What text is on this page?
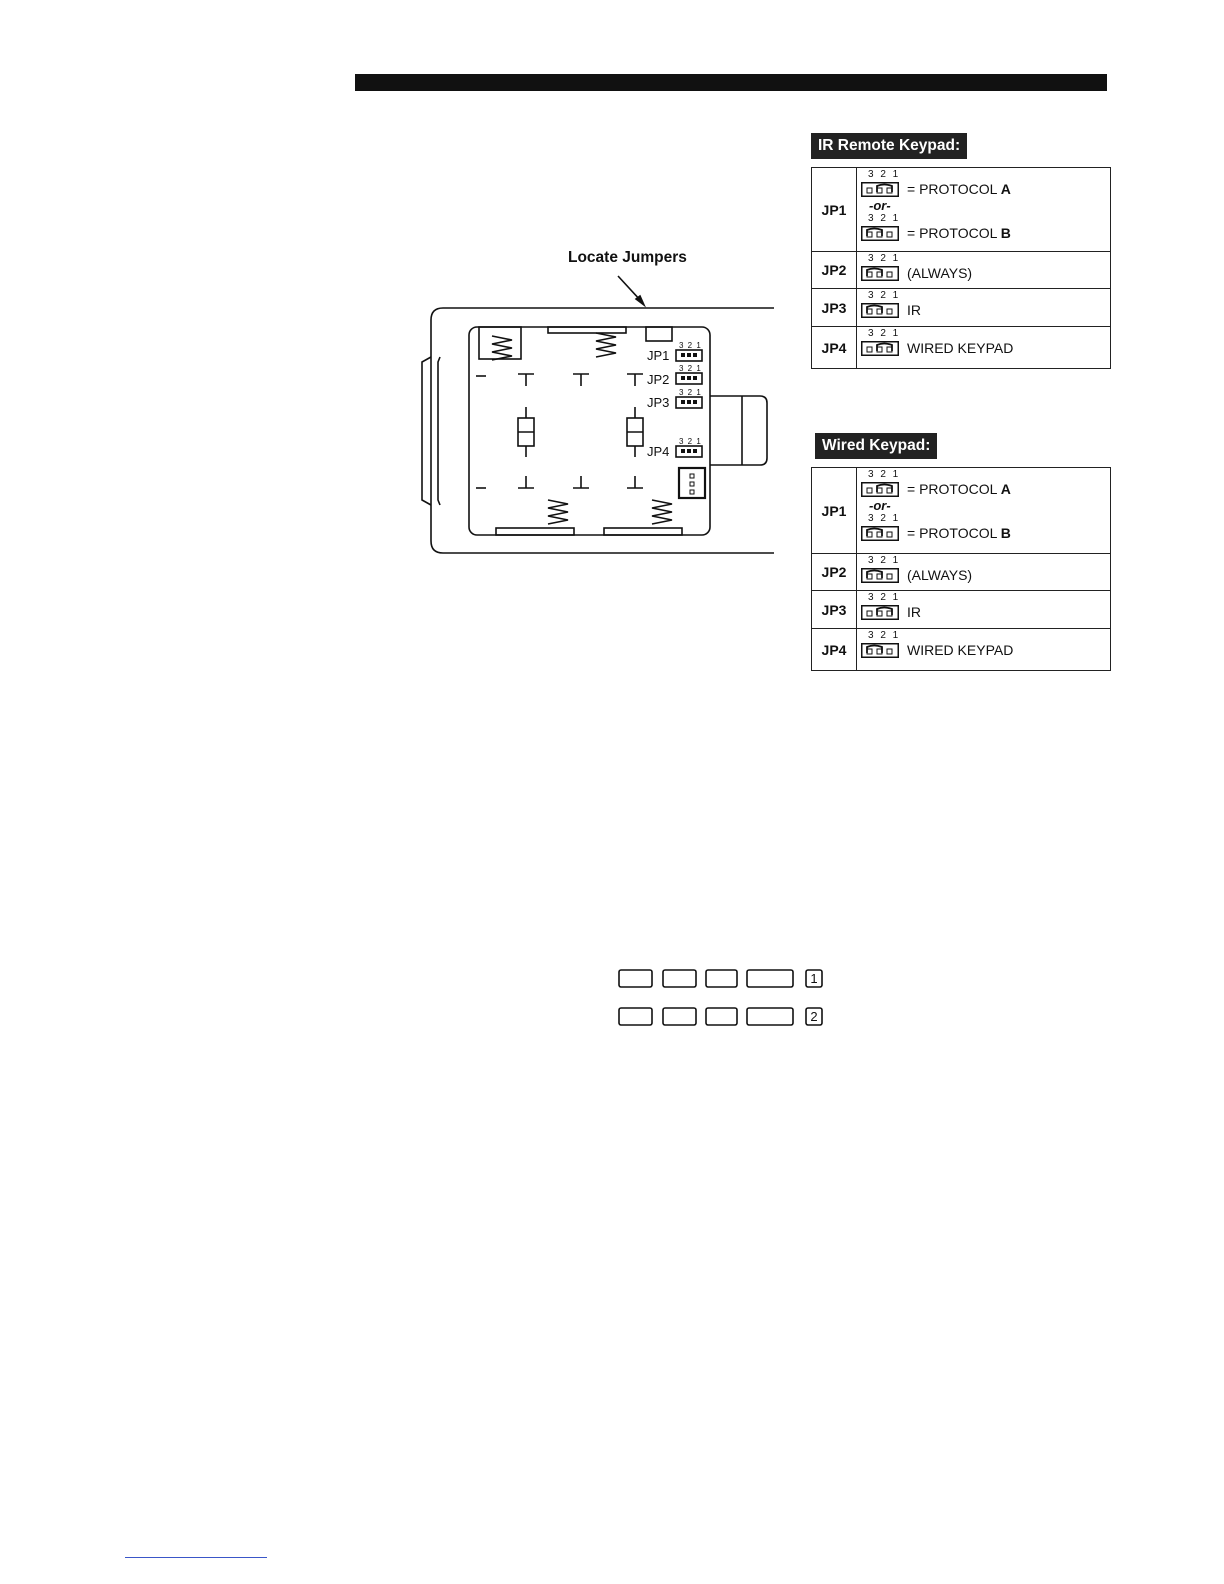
Locate Jumpers
3 2 1
3 2 1
3 2 1
3 2 1
JP1
JP2
JP3
JP4
IR Remote Keypad:
JP1	3 2 1
= PROTOCOL A
-or-
3 2 1
= PROTOCOL B

JP2	3 2 1
(ALWAYS)

JP3	3 2 1
IR

JP4	3 2 1
WIRED KEYPAD
Wired Keypad:
JP1	3 2 1
= PROTOCOL A
-or-
3 2 1
= PROTOCOL B

JP2	3 2 1
(ALWAYS)

JP3	3 2 1
IR

JP4	3 2 1
WIRED KEYPAD
1
2
